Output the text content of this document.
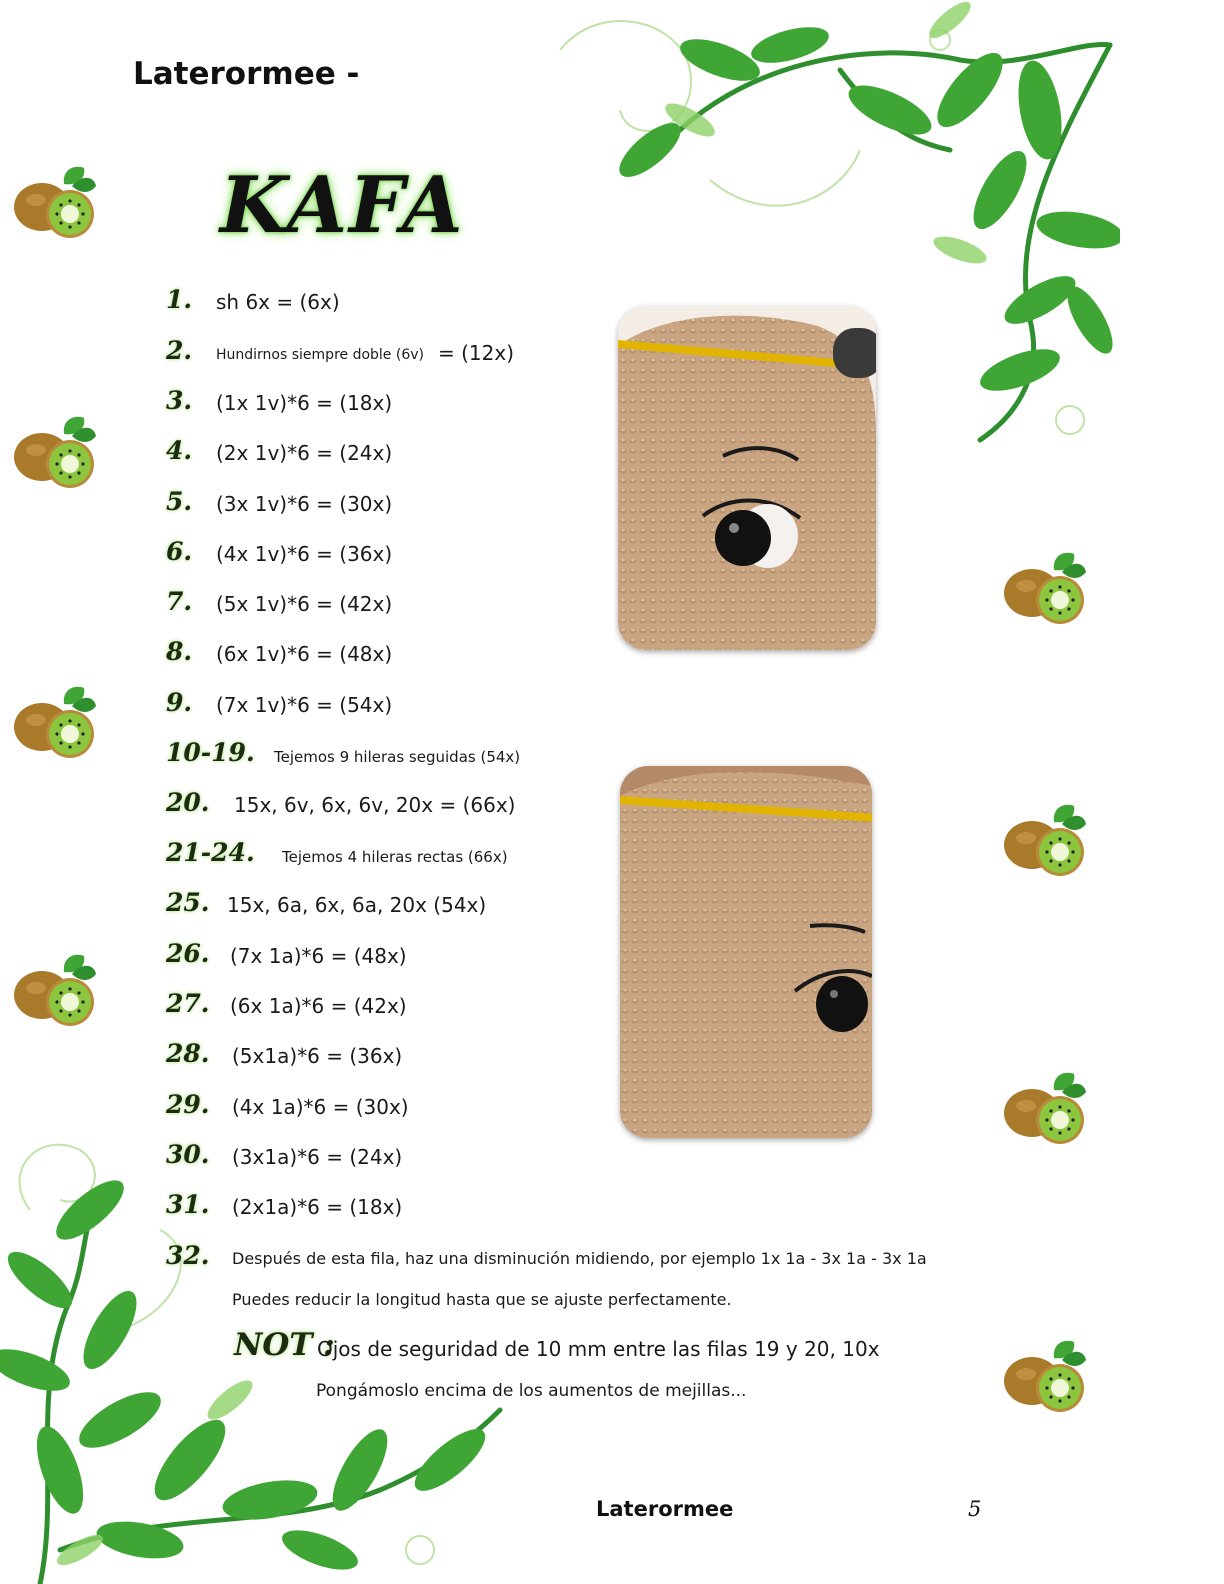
Laterormee -
KAFA
1. sh 6x = (6x)
2. Hundirnos siempre doble (6v) = (12x)
3. (1x 1v)*6 = (18x)
4. (2x 1v)*6 = (24x)
5. (3x 1v)*6 = (30x)
6. (4x 1v)*6 = (36x)
7. (5x 1v)*6 = (42x)
8. (6x 1v)*6 = (48x)
9. (7x 1v)*6 = (54x)
10-19. Tejemos 9 hileras seguidas (54x)
20. 15x, 6v, 6x, 6v, 20x = (66x)
21-24. Tejemos 4 hileras rectas (66x)
25. 15x, 6a, 6x, 6a, 20x (54x)
26. (7x 1a)*6 = (48x)
27. (6x 1a)*6 = (42x)
28. (5x1a)*6 = (36x)
29. (4x 1a)*6 = (30x)
30. (3x1a)*6 = (24x)
31. (2x1a)*6 = (18x)
32. Después de esta fila, haz una disminución midiendo, por ejemplo 1x 1a - 3x 1a - 3x 1a
Puedes reducir la longitud hasta que se ajuste perfectamente.
NOT :
Ojos de seguridad de 10 mm entre las filas 19 y 20, 10x
Pongámoslo encima de los aumentos de mejillas...
Laterormee	5
